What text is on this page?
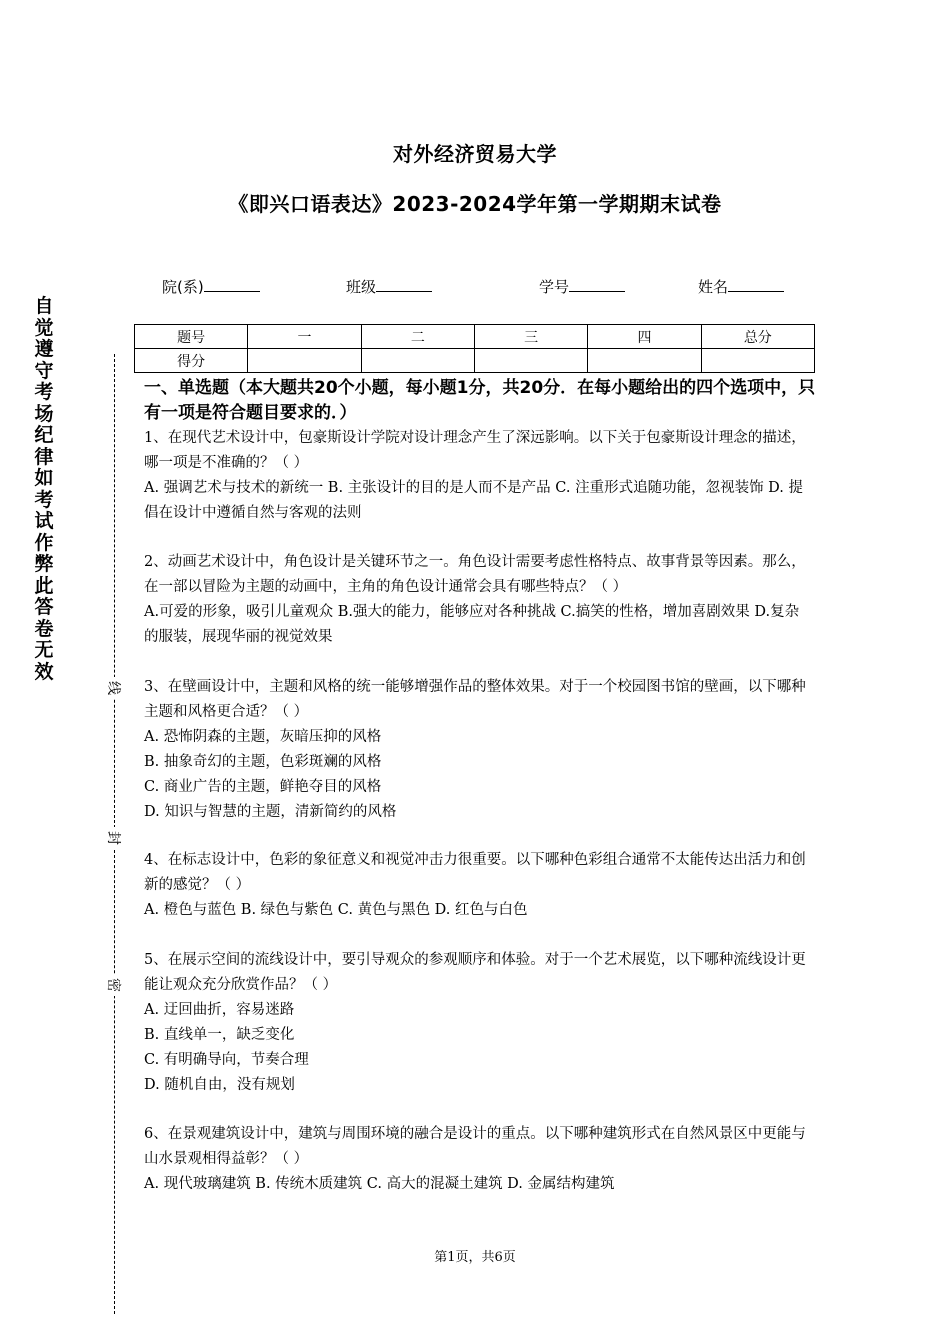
对外经济贸易大学
《即兴口语表达》2023-2024学年第一学期期末试卷
院(系)	班级	学号	姓名
题号	一	二	三	四	总分
得分					
自觉遵守考场纪律如考试作弊此答卷无效
线
封
密
一、单选题（本大题共20个小题，每小题1分，共20分．在每小题给出的四个选项中，只有一项是符合题目要求的．）

1、在现代艺术设计中，包豪斯设计学院对设计理念产生了深远影响。以下关于包豪斯设计理念的描述，哪一项是不准确的？（ ）

A. 强调艺术与技术的新统一 B. 主张设计的目的是人而不是产品 C. 注重形式追随功能，忽视装饰 D. 提倡在设计中遵循自然与客观的法则

2、动画艺术设计中，角色设计是关键环节之一。角色设计需要考虑性格特点、故事背景等因素。那么，在一部以冒险为主题的动画中，主角的角色设计通常会具有哪些特点？（ ）

A.可爱的形象，吸引儿童观众 B.强大的能力，能够应对各种挑战 C.搞笑的性格，增加喜剧效果 D.复杂的服装，展现华丽的视觉效果

3、在壁画设计中，主题和风格的统一能够增强作品的整体效果。对于一个校园图书馆的壁画，以下哪种主题和风格更合适？（ ）

A. 恐怖阴森的主题，灰暗压抑的风格

B. 抽象奇幻的主题，色彩斑斓的风格

C. 商业广告的主题，鲜艳夺目的风格

D. 知识与智慧的主题，清新简约的风格

4、在标志设计中，色彩的象征意义和视觉冲击力很重要。以下哪种色彩组合通常不太能传达出活力和创新的感觉？（ ）

A. 橙色与蓝色 B. 绿色与紫色 C. 黄色与黑色 D. 红色与白色

5、在展示空间的流线设计中，要引导观众的参观顺序和体验。对于一个艺术展览，以下哪种流线设计更能让观众充分欣赏作品？（ ）

A. 迂回曲折，容易迷路

B. 直线单一，缺乏变化

C. 有明确导向，节奏合理

D. 随机自由，没有规划

6、在景观建筑设计中，建筑与周围环境的融合是设计的重点。以下哪种建筑形式在自然风景区中更能与山水景观相得益彰？（ ）

A. 现代玻璃建筑 B. 传统木质建筑 C. 高大的混凝土建筑 D. 金属结构建筑

第1页，共6页
